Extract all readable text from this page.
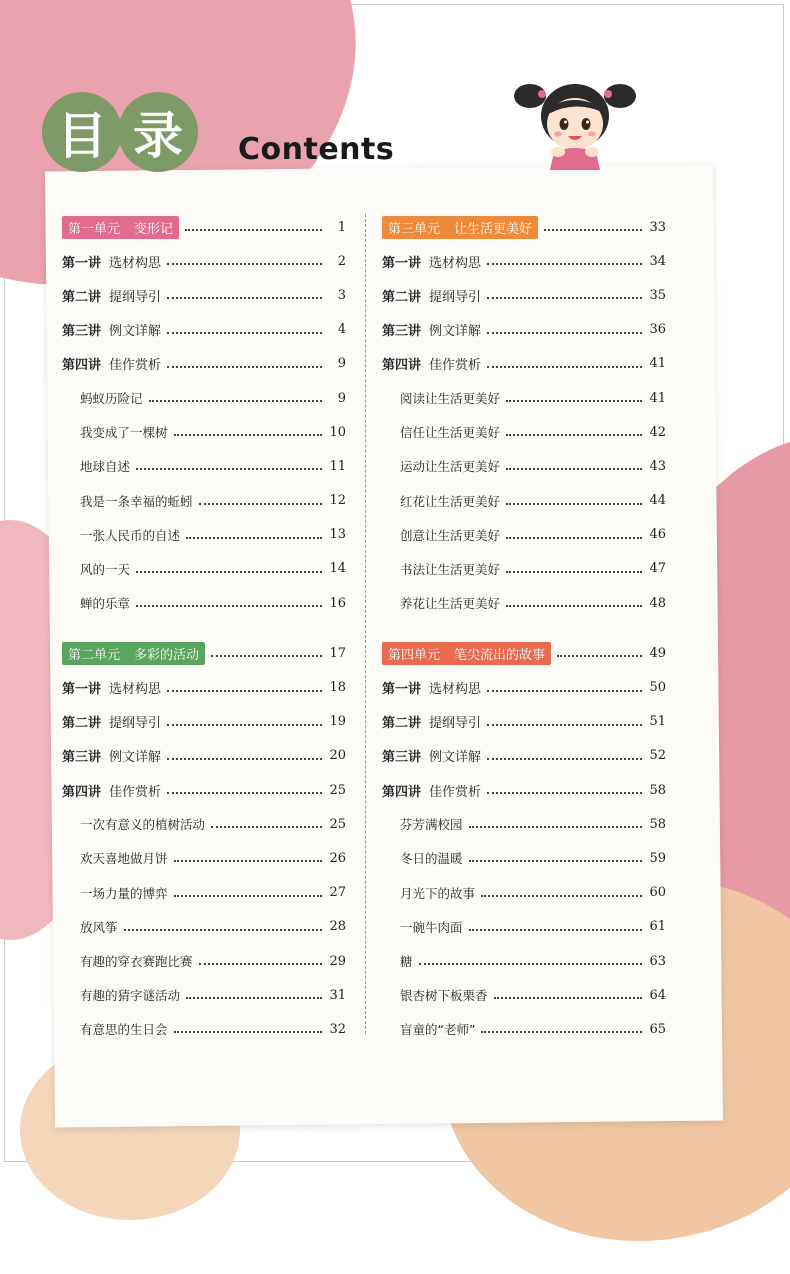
目 录	Contents
第一单元 变形记	1
第一讲 选材构思	2
第二讲 提纲导引	3
第三讲 例文详解	4
第四讲 佳作赏析	9
蚂蚁历险记	9
我变成了一棵树	10
地球自述	11
我是一条幸福的蚯蚓	12
一张人民币的自述	13
风的一天	14
蝉的乐章	16
第二单元 多彩的活动	17
第一讲 选材构思	18
第二讲 提纲导引	19
第三讲 例文详解	20
第四讲 佳作赏析	25
一次有意义的植树活动	25
欢天喜地做月饼	26
一场力量的博弈	27
放风筝	28
有趣的穿衣赛跑比赛	29
有趣的猜字谜活动	31
有意思的生日会	32
第三单元 让生活更美好	33
第一讲 选材构思	34
第二讲 提纲导引	35
第三讲 例文详解	36
第四讲 佳作赏析	41
阅读让生活更美好	41
信任让生活更美好	42
运动让生活更美好	43
红花让生活更美好	44
创意让生活更美好	46
书法让生活更美好	47
养花让生活更美好	48
第四单元 笔尖流出的故事	49
第一讲 选材构思	50
第二讲 提纲导引	51
第三讲 例文详解	52
第四讲 佳作赏析	58
芬芳满校园	58
冬日的温暖	59
月光下的故事	60
一碗牛肉面	61
糖	63
银杏树下板栗香	64
盲童的“老师”	65
